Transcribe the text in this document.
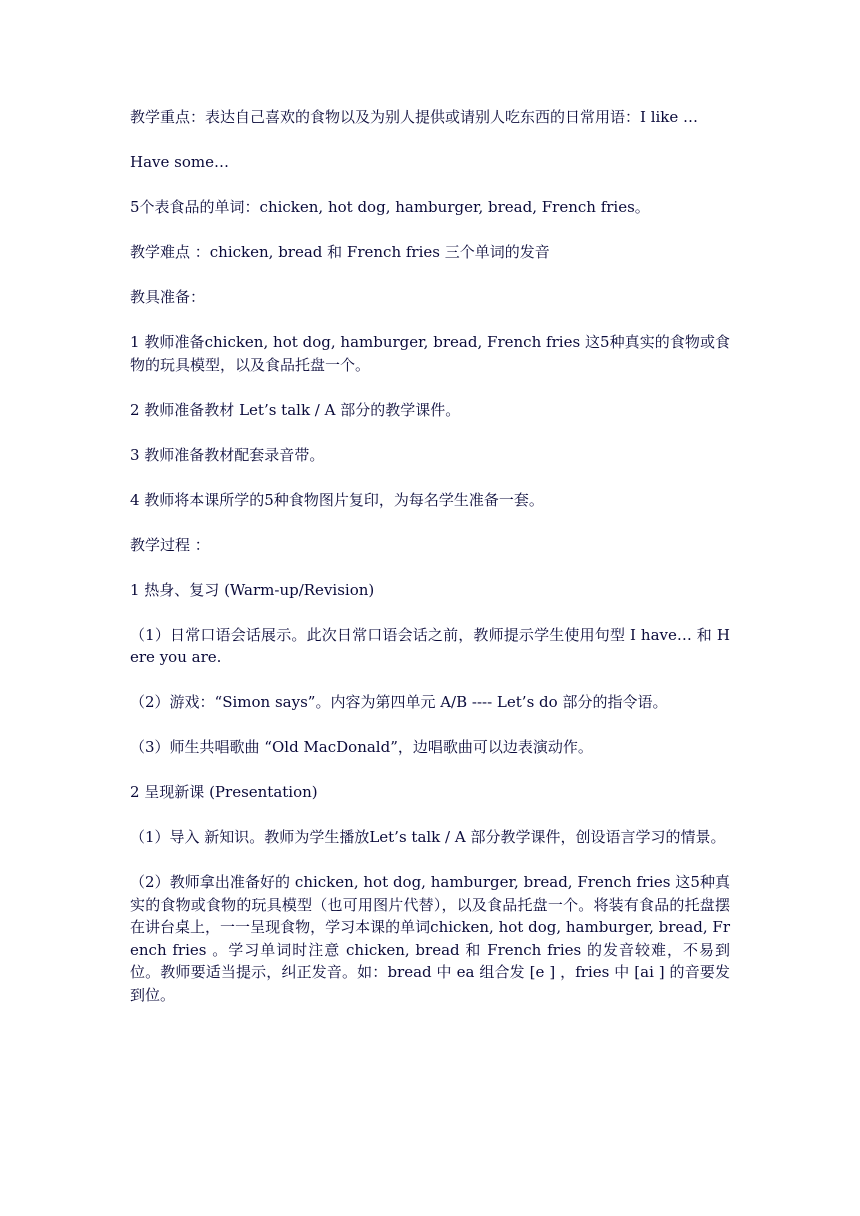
教学重点：表达自己喜欢的食物以及为别人提供或请别人吃东西的日常用语：I like …

Have some…

5个表食品的单词：chicken, hot dog, hamburger, bread, French fries。

教学难点 ：chicken, bread 和 French fries 三个单词的发音

教具准备：

1 教师准备chicken, hot dog, hamburger, bread, French fries 这5种真实的食物或食物的玩具模型，以及食品托盘一个。

2 教师准备教材 Let’s talk / A 部分的教学课件。

3 教师准备教材配套录音带。

4 教师将本课所学的5种食物图片复印，为每名学生准备一套。

教学过程 ：

1 热身、复习 (Warm-up/Revision)

（1）日常口语会话展示。此次日常口语会话之前，教师提示学生使用句型 I have… 和 Here you are.

（2）游戏：“Simon says”。内容为第四单元 A/B ---- Let’s do 部分的指令语。

（3）师生共唱歌曲 “Old MacDonald”，边唱歌曲可以边表演动作。

2 呈现新课 (Presentation)

（1）导入 新知识。教师为学生播放Let’s talk / A 部分教学课件，创设语言学习的情景。

（2）教师拿出准备好的 chicken, hot dog, hamburger, bread, French fries 这5种真实的食物或食物的玩具模型（也可用图片代替），以及食品托盘一个。将装有食品的托盘摆在讲台桌上，一一呈现食物，学习本课的单词chicken, hot dog, hamburger, bread, French fries 。学习单词时注意 chicken, bread 和 French fries 的发音较难，不易到位。教师要适当提示，纠正发音。如：bread 中 ea 组合发 [e ] ，fries 中 [ai ] 的音要发到位。
